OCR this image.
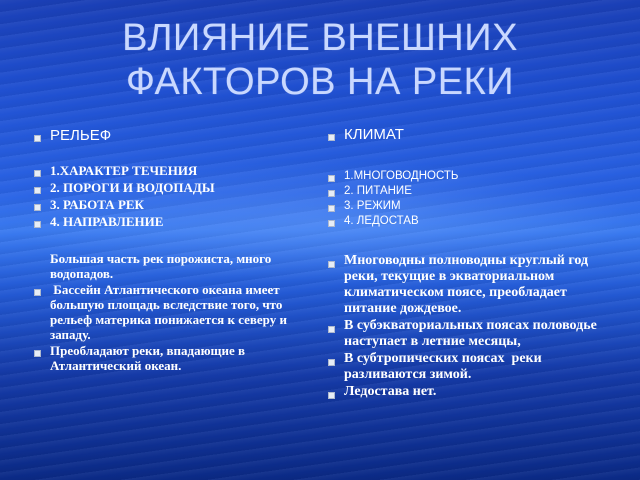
ВЛИЯНИЕ ВНЕШНИХ
ФАКТОРОВ НА РЕКИ
РЕЛЬЕФ
1.ХАРАКТЕР ТЕЧЕНИЯ
2. ПОРОГИ И ВОДОПАДЫ
3. РАБОТА РЕК
4. НАПРАВЛЕНИЕ
Большая часть рек порожиста, много водопадов.
Бассейн Атлантического океана имеет большую площадь вследствие того, что рельеф материка понижается к северу и западу.
Преобладают реки, впадающие в Атлантический океан.
КЛИМАТ
1.МНОГОВОДНОСТЬ
2. ПИТАНИЕ
3. РЕЖИМ
4. ЛЕДОСТАВ
Многоводны полноводны круглый год  реки, текущие в экваториальном климатическом поясе, преобладает питание дождевое.
В субэкваториальных поясах половодье наступает в летние месяцы,
В субтропических поясах  реки разливаются зимой.
Ледостава нет.
